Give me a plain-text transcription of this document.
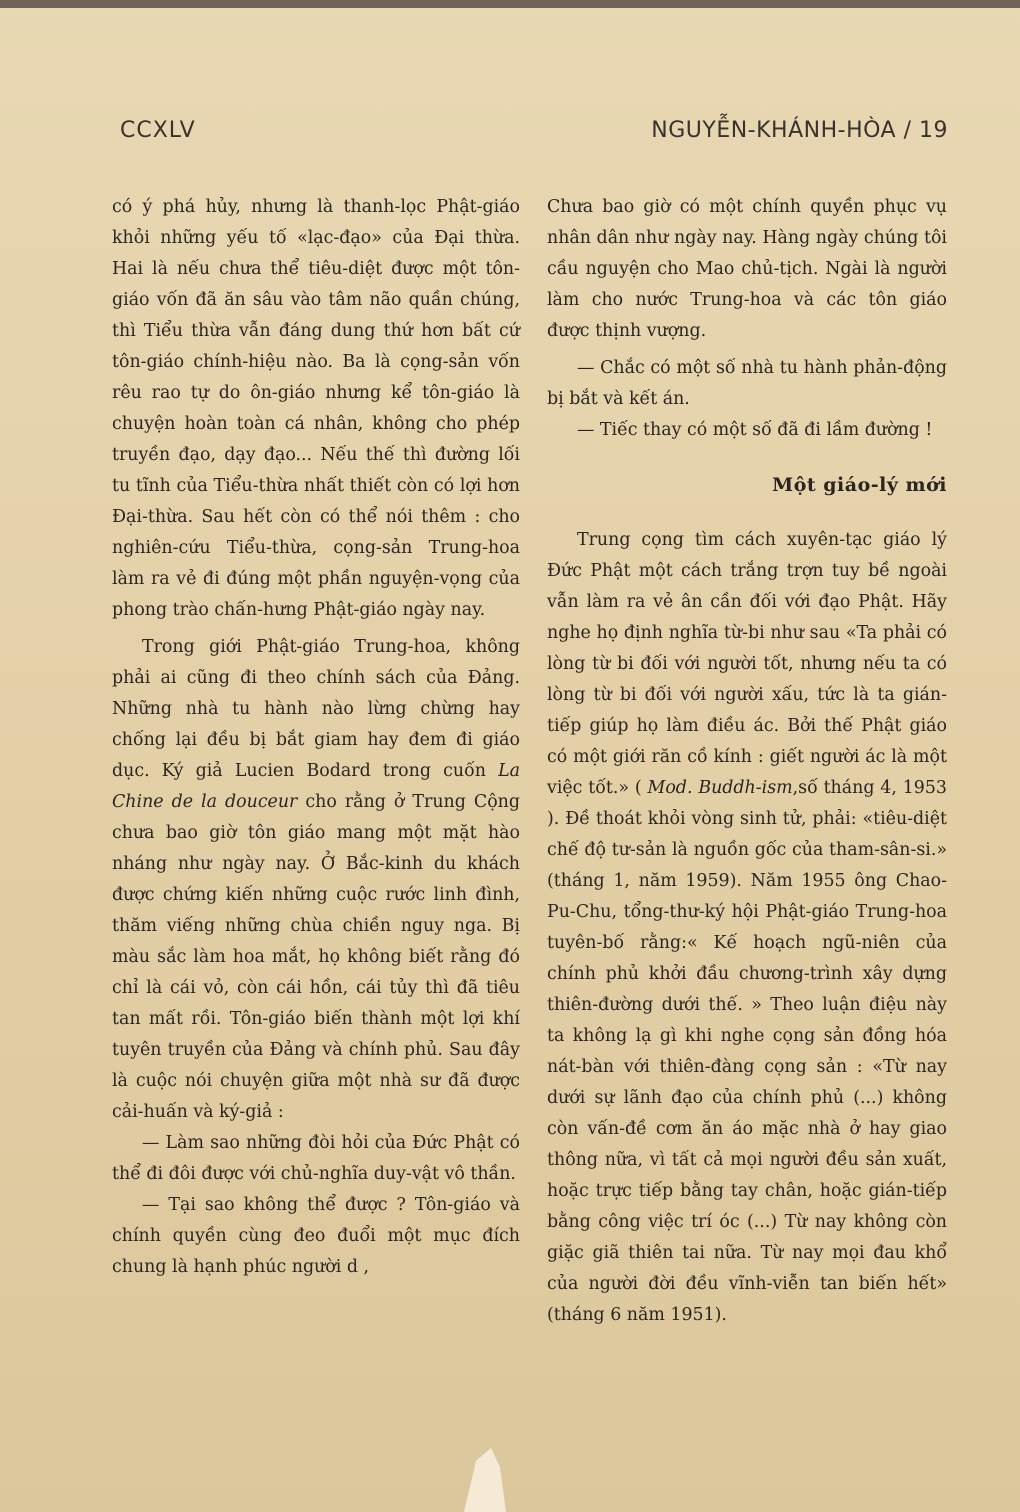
CCXLV	NGUYỄN-KHÁNH-HÒA / 19

có ý phá hủy, nhưng là thanh-lọc Phật-giáo khỏi những yếu tố «lạc-đạo» của Đại thừa. Hai là nếu chưa thể tiêu-diệt được một tôn-giáo vốn đã ăn sâu vào tâm não quần chúng, thì Tiểu thừa vẫn đáng dung thứ hơn bất cứ tôn-giáo chính-hiệu nào. Ba là cọng-sản vốn rêu rao tự do ôn-giáo nhưng kể tôn-giáo là chuyện hoàn toàn cá nhân, không cho phép truyền đạo, dạy đạo... Nếu thế thì đường lối tu tĩnh của Tiểu-thừa nhất thiết còn có lợi hơn Đại-thừa. Sau hết còn có thể nói thêm : cho nghiên-cứu Tiểu-thừa, cọng-sản Trung-hoa làm ra vẻ đi đúng một phần nguyện-vọng của phong trào chấn-hưng Phật-giáo ngày nay.

Trong giới Phật-giáo Trung-hoa, không phải ai cũng đi theo chính sách của Đảng. Những nhà tu hành nào lừng chừng hay chống lại đều bị bắt giam hay đem đi giáo dục. Ký giả Lucien Bodard trong cuốn La Chine de la douceur cho rằng ở Trung Cộng chưa bao giờ tôn giáo mang một mặt hào nháng như ngày nay. Ở Bắc-kinh du khách được chứng kiến những cuộc rước linh đình, thăm viếng những chùa chiền nguy nga. Bị màu sắc làm hoa mắt, họ không biết rằng đó chỉ là cái vỏ, còn cái hồn, cái tủy thì đã tiêu tan mất rồi. Tôn-giáo biến thành một lợi khí tuyên truyền của Đảng và chính phủ. Sau đây là cuộc nói chuyện giữa một nhà sư đã được cải-huấn và ký-giả :

— Làm sao những đòi hỏi của Đức Phật có thể đi đôi được với chủ-nghĩa duy-vật vô thần.

— Tại sao không thể được ? Tôn-giáo và chính quyền cùng đeo đuổi một mục đích chung là hạnh phúc người d ,

Chưa bao giờ có một chính quyền phục vụ nhân dân như ngày nay. Hàng ngày chúng tôi cầu nguyện cho Mao chủ-tịch. Ngài là người làm cho nước Trung-hoa và các tôn giáo được thịnh vượng.

— Chắc có một số nhà tu hành phản-động bị bắt và kết án.

— Tiếc thay có một số đã đi lầm đường !

Một giáo-lý mới

Trung cọng tìm cách xuyên-tạc giáo lý Đức Phật một cách trắng trợn tuy bề ngoài vẫn làm ra vẻ ân cần đối với đạo Phật. Hãy nghe họ định nghĩa từ-bi như sau «Ta phải có lòng từ bi đối với người tốt, nhưng nếu ta có lòng từ bi đối với người xấu, tức là ta gián-tiếp giúp họ làm điều ác. Bởi thế Phật giáo có một giới răn cồ kính : giết người ác là một việc tốt.» ( Mod. Buddh-ism,số tháng 4, 1953 ). Đề thoát khỏi vòng sinh tử, phải: «tiêu-diệt chế độ tư-sản là nguồn gốc của tham-sân-si.» (tháng 1, năm 1959). Năm 1955 ông Chao-Pu-Chu, tổng-thư-ký hội Phật-giáo Trung-hoa tuyên-bố rằng:« Kế hoạch ngũ-niên của chính phủ khởi đầu chương-trình xây dựng thiên-đường dưới thế. » Theo luận điệu này ta không lạ gì khi nghe cọng sản đồng hóa nát-bàn với thiên-đàng cọng sản : «Từ nay dưới sự lãnh đạo của chính phủ (...) không còn vấn-đề cơm ăn áo mặc nhà ở hay giao thông nữa, vì tất cả mọi người đều sản xuất, hoặc trực tiếp bằng tay chân, hoặc gián-tiếp bằng công việc trí óc (...) Từ nay không còn giặc giã thiên tai nữa. Từ nay mọi đau khổ của người đời đều vĩnh-viễn tan biến hết» (tháng 6 năm 1951).
